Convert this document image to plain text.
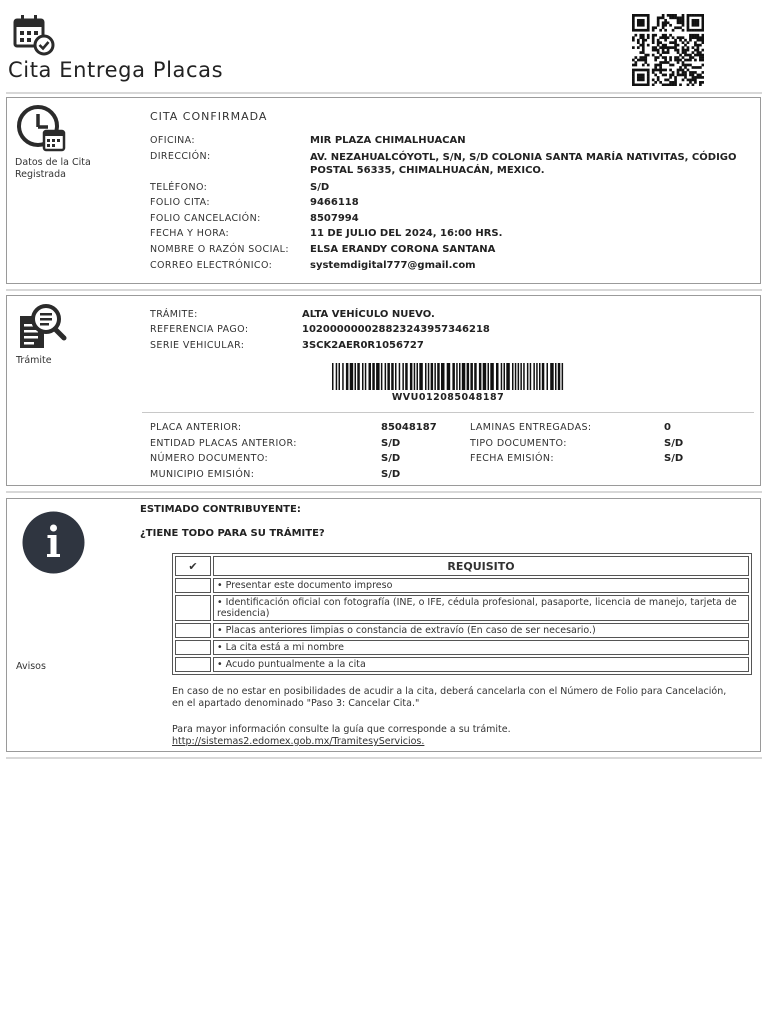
Cita Entrega Placas
Datos de la Cita Registrada
CITA CONFIRMADA
OFICINA:	MIR PLAZA CHIMALHUACAN
DIRECCIÓN:	AV. NEZAHUALCÓYOTL, S/N, S/D COLONIA SANTA MARÍA NATIVITAS, CÓDIGO POSTAL 56335, CHIMALHUACÁN, MEXICO.
TELÉFONO:	S/D
FOLIO CITA:	9466118
FOLIO CANCELACIÓN:	8507994
FECHA Y HORA:	11 DE JULIO DEL 2024, 16:00 HRS.
NOMBRE O RAZÓN SOCIAL: ELSA ERANDY CORONA SANTANA
CORREO ELECTRÓNICO:	systemdigital777@gmail.com
Trámite
TRÁMITE:	ALTA VEHÍCULO NUEVO.
REFERENCIA PAGO:	10200000002882324395734621​8
SERIE VEHICULAR:	3SCK2AER0R1056727
WVU012085048187
PLACA ANTERIOR:	85048187
ENTIDAD PLACAS ANTERIOR:	S/D
NÚMERO DOCUMENTO:	S/D
MUNICIPIO EMISIÓN:	S/D
LAMINAS ENTREGADAS:	0
TIPO DOCUMENTO:	S/D
FECHA EMISIÓN:	S/D
Avisos
ESTIMADO CONTRIBUYENTE:
¿TIENE TODO PARA SU TRÁMITE?
✔	REQUISITO
	• Presentar este documento impreso
	• Identificación oficial con fotografía (INE, o IFE, cédula profesional, pasaporte, licencia de manejo, tarjeta de residencia)
	• Placas anteriores limpias o constancia de extravío (En caso de ser necesario.)
	• La cita está a mi nombre
	• Acudo puntualmente a la cita
En caso de no estar en posibilidades de acudir a la cita, deberá cancelarla con el Número de Folio para Cancelación, en el apartado denominado "Paso 3: Cancelar Cita."
Para mayor información consulte la guía que corresponde a su trámite.
http://sistemas2.edomex.gob.mx/TramitesyServicios.
